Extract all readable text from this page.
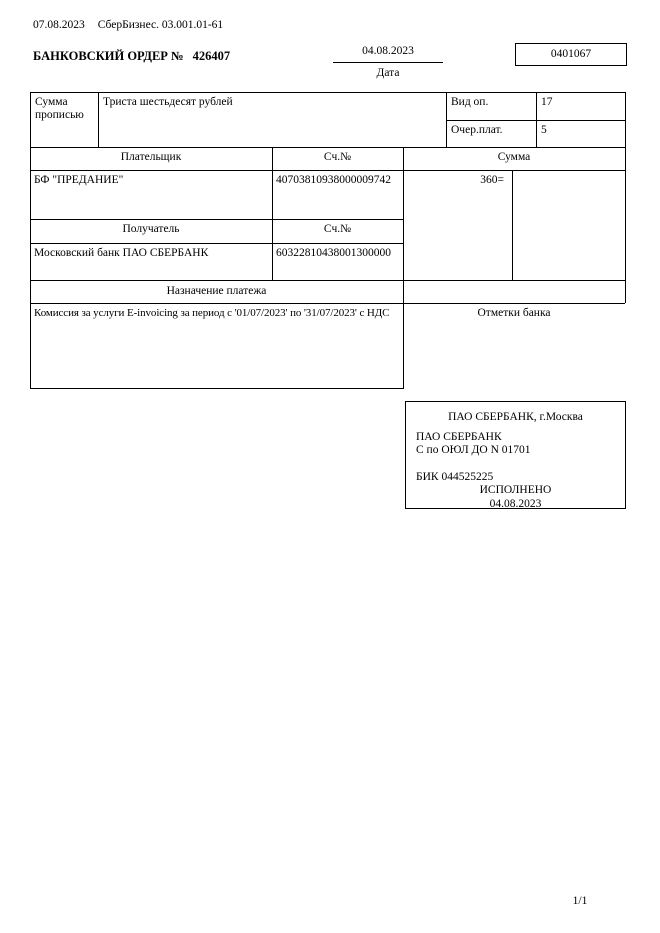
07.08.2023 СберБизнес. 03.001.01-61
БАНКОВСКИЙ ОРДЕР № 426407	04.08.2023
Дата
0401067
Сумма прописью
Триста шестьдесят рублей	Вид оп.	17
Очер.плат.	5
Плательщик	Сч.№	Сумма
БФ "ПРЕДАНИЕ"	40703810938000009742	360=
Получатель	Сч.№
Московский банк ПАО СБЕРБАНК	60322810438001300000
Назначение платежа
Комиссия за услуги E-invoicing за период с '01/07/2023' по '31/07/2023' с НДС	Отметки банка
ПАО СБЕРБАНК, г.Москва
ПАО СБЕРБАНК
С по ОЮЛ ДО N 01701
БИК 044525225
ИСПОЛНЕНО
04.08.2023
1/1
